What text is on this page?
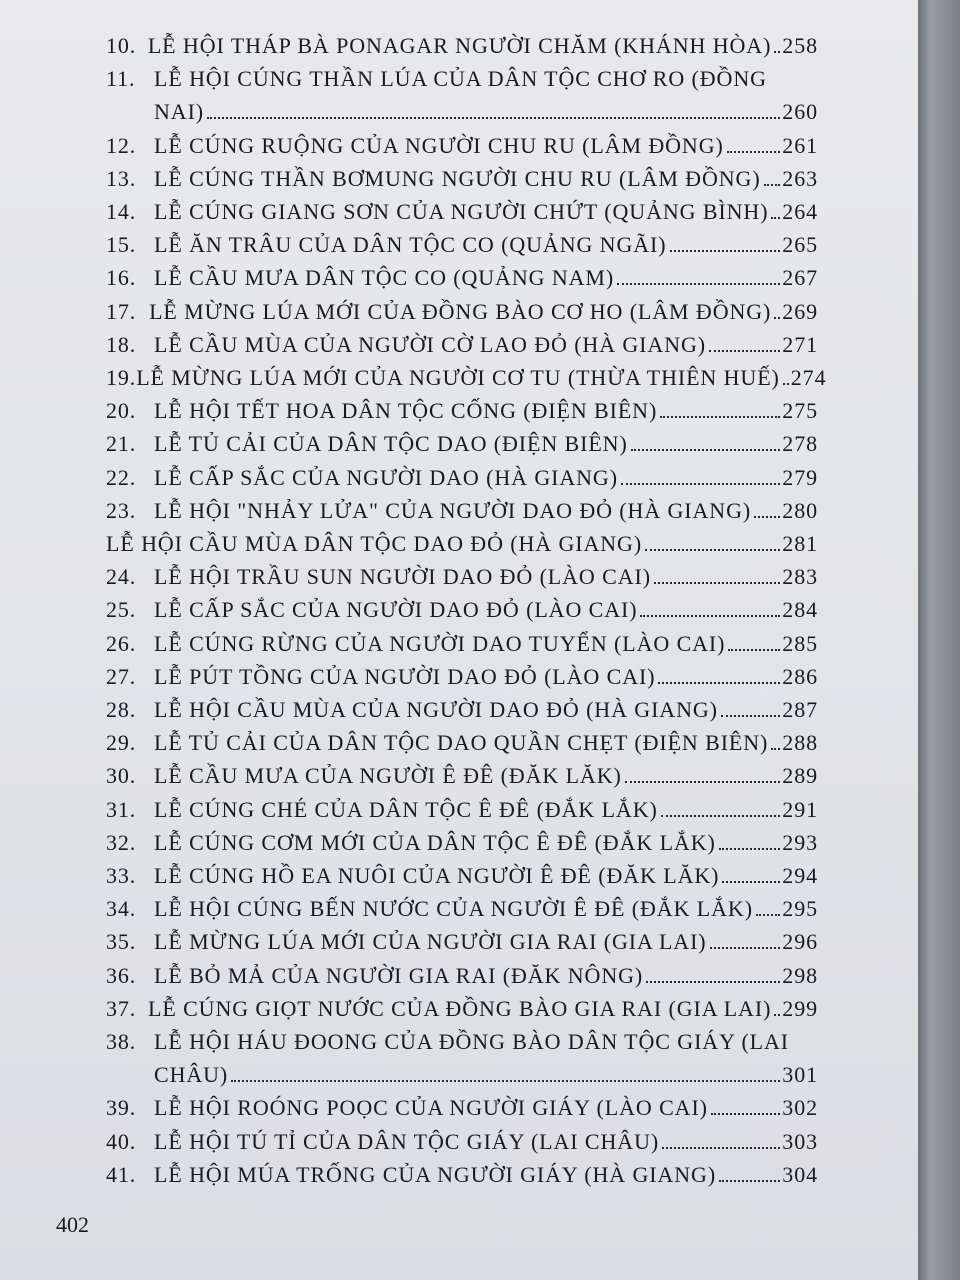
10. LỄ HỘI THÁP BÀ PONAGAR NGƯỜI CHĂM (KHÁNH HÒA) 258
11. LỄ HỘI CÚNG THẦN LÚA CỦA DÂN TỘC CHƠ RO (ĐỒNG
NAI)	260
12. LỄ CÚNG RUỘNG CỦA NGƯỜI CHU RU (LÂM ĐỒNG)	261
13. LỄ CÚNG THẦN BƠMUNG NGƯỜI CHU RU (LÂM ĐỒNG) 263
14. LỄ CÚNG GIANG SƠN CỦA NGƯỜI CHỨT (QUẢNG BÌNH) 264
15. LỄ ĂN TRÂU CỦA DÂN TỘC CO (QUẢNG NGÃI)	265
16. LỄ CẦU MƯA DÂN TỘC CO (QUẢNG NAM)	267
17. LỄ MỪNG LÚA MỚI CỦA ĐỒNG BÀO CƠ HO (LÂM ĐỒNG) 269
18. LỄ CẦU MÙA CỦA NGƯỜI CỜ LAO ĐỎ (HÀ GIANG)	271
19. LỄ MỪNG LÚA MỚI CỦA NGƯỜI CƠ TU (THỪA THIÊN HUẾ) 274
20. LỄ HỘI TẾT HOA DÂN TỘC CỐNG (ĐIỆN BIÊN)	275
21. LỄ TỦ CẢI CỦA DÂN TỘC DAO (ĐIỆN BIÊN)	278
22. LỄ CẤP SẮC CỦA NGƯỜI DAO (HÀ GIANG)	279
23. LỄ HỘI "NHẢY LỬA" CỦA NGƯỜI DAO ĐỎ (HÀ GIANG) 280
LỄ HỘI CẦU MÙA DÂN TỘC DAO ĐỎ (HÀ GIANG)	281
24. LỄ HỘI TRẦU SUN NGƯỜI DAO ĐỎ (LÀO CAI)	283
25. LỄ CẤP SẮC CỦA NGƯỜI DAO ĐỎ (LÀO CAI)	284
26. LỄ CÚNG RỪNG CỦA NGƯỜI DAO TUYỂN (LÀO CAI)	285
27. LỄ PÚT TỒNG CỦA NGƯỜI DAO ĐỎ (LÀO CAI)	286
28. LỄ HỘI CẦU MÙA CỦA NGƯỜI DAO ĐỎ (HÀ GIANG)	287
29. LỄ TỦ CẢI CỦA DÂN TỘC DAO QUẦN CHẸT (ĐIỆN BIÊN) 288
30. LỄ CẦU MƯA CỦA NGƯỜI Ê ĐÊ (ĐĂK LĂK)	289
31. LỄ CÚNG CHÉ CỦA DÂN TỘC Ê ĐÊ (ĐẮK LẮK)	291
32. LỄ CÚNG CƠM MỚI CỦA DÂN TỘC Ê ĐÊ (ĐẮK LẮK)	293
33. LỄ CÚNG HỒ EA NUÔI CỦA NGƯỜI Ê ĐÊ (ĐĂK LĂK)	294
34. LỄ HỘI CÚNG BẾN NƯỚC CỦA NGƯỜI Ê ĐÊ (ĐẮK LẮK) 295
35. LỄ MỪNG LÚA MỚI CỦA NGƯỜI GIA RAI (GIA LAI)	296
36. LỄ BỎ MẢ CỦA NGƯỜI GIA RAI (ĐĂK NÔNG)	298
37. LỄ CÚNG GIỌT NƯỚC CỦA ĐỒNG BÀO GIA RAI (GIA LAI) 299
38. LỄ HỘI HÁU ĐOONG CỦA ĐỒNG BÀO DÂN TỘC GIÁY (LAI
CHÂU)	301
39. LỄ HỘI ROÓNG POỌC CỦA NGƯỜI GIÁY (LÀO CAI)	302
40. LỄ HỘI TÚ TỈ CỦA DÂN TỘC GIÁY (LAI CHÂU)	303
41. LỄ HỘI MÚA TRỐNG CỦA NGƯỜI GIÁY (HÀ GIANG)	304
402
